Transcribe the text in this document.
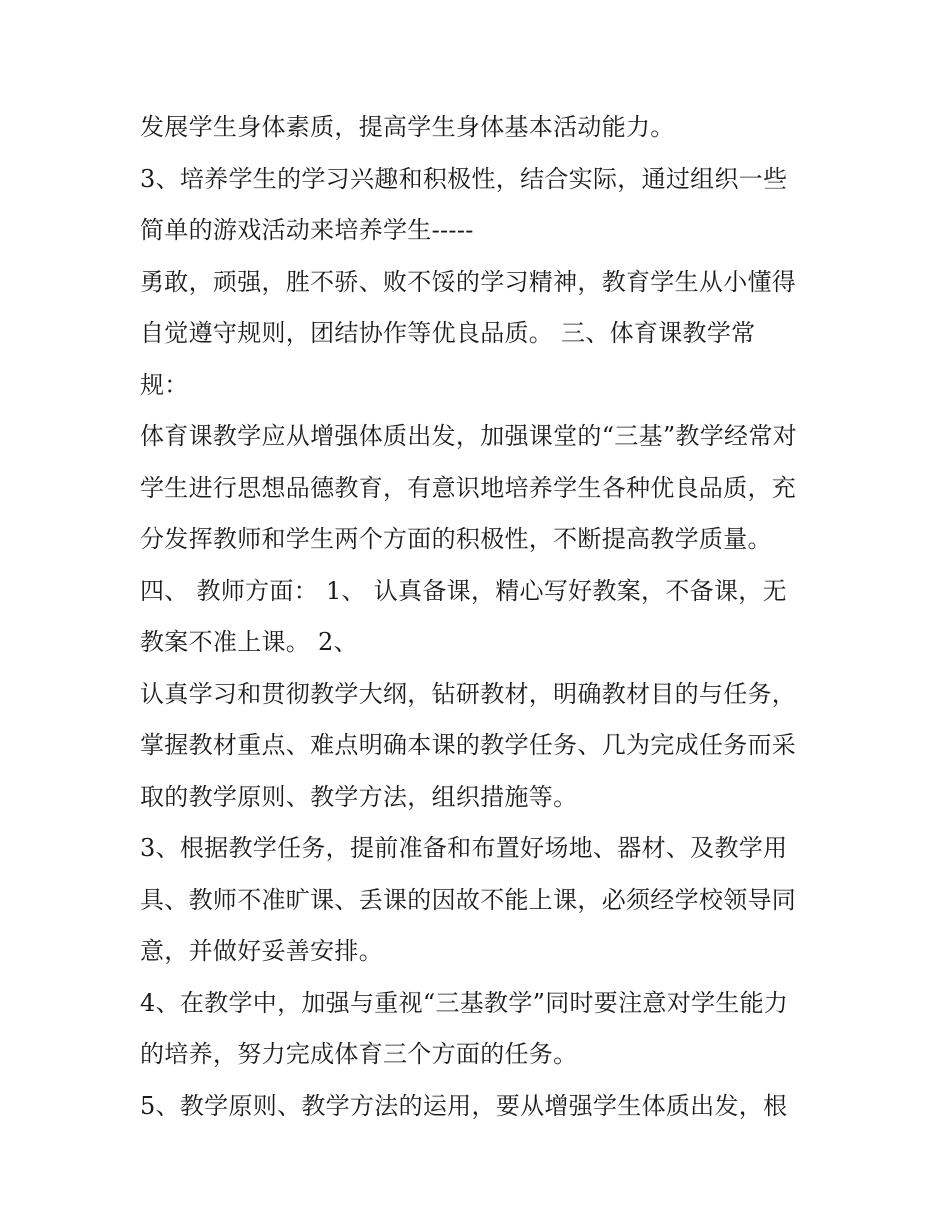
发展学生身体素质，提高学生身体基本活动能力。
3、培养学生的学习兴趣和积极性，结合实际，通过组织一些
简单的游戏活动来培养学生-----
勇敢，顽强，胜不骄、败不馁的学习精神，教育学生从小懂得
自觉遵守规则，团结协作等优良品质。 三、体育课教学常
规：
体育课教学应从增强体质出发，加强课堂的“三基”教学经常对
学生进行思想品德教育，有意识地培养学生各种优良品质，充
分发挥教师和学生两个方面的积极性，不断提高教学质量。
四、 教师方面： 1、 认真备课，精心写好教案，不备课，无
教案不准上课。 2、
认真学习和贯彻教学大纲，钻研教材，明确教材目的与任务，
掌握教材重点、难点明确本课的教学任务、几为完成任务而采
取的教学原则、教学方法，组织措施等。
3、根据教学任务，提前准备和布置好场地、器材、及教学用
具、教师不准旷课、丢课的因故不能上课，必须经学校领导同
意，并做好妥善安排。
4、在教学中，加强与重视“三基教学”同时要注意对学生能力
的培养，努力完成体育三个方面的任务。
5、教学原则、教学方法的运用，要从增强学生体质出发，根
